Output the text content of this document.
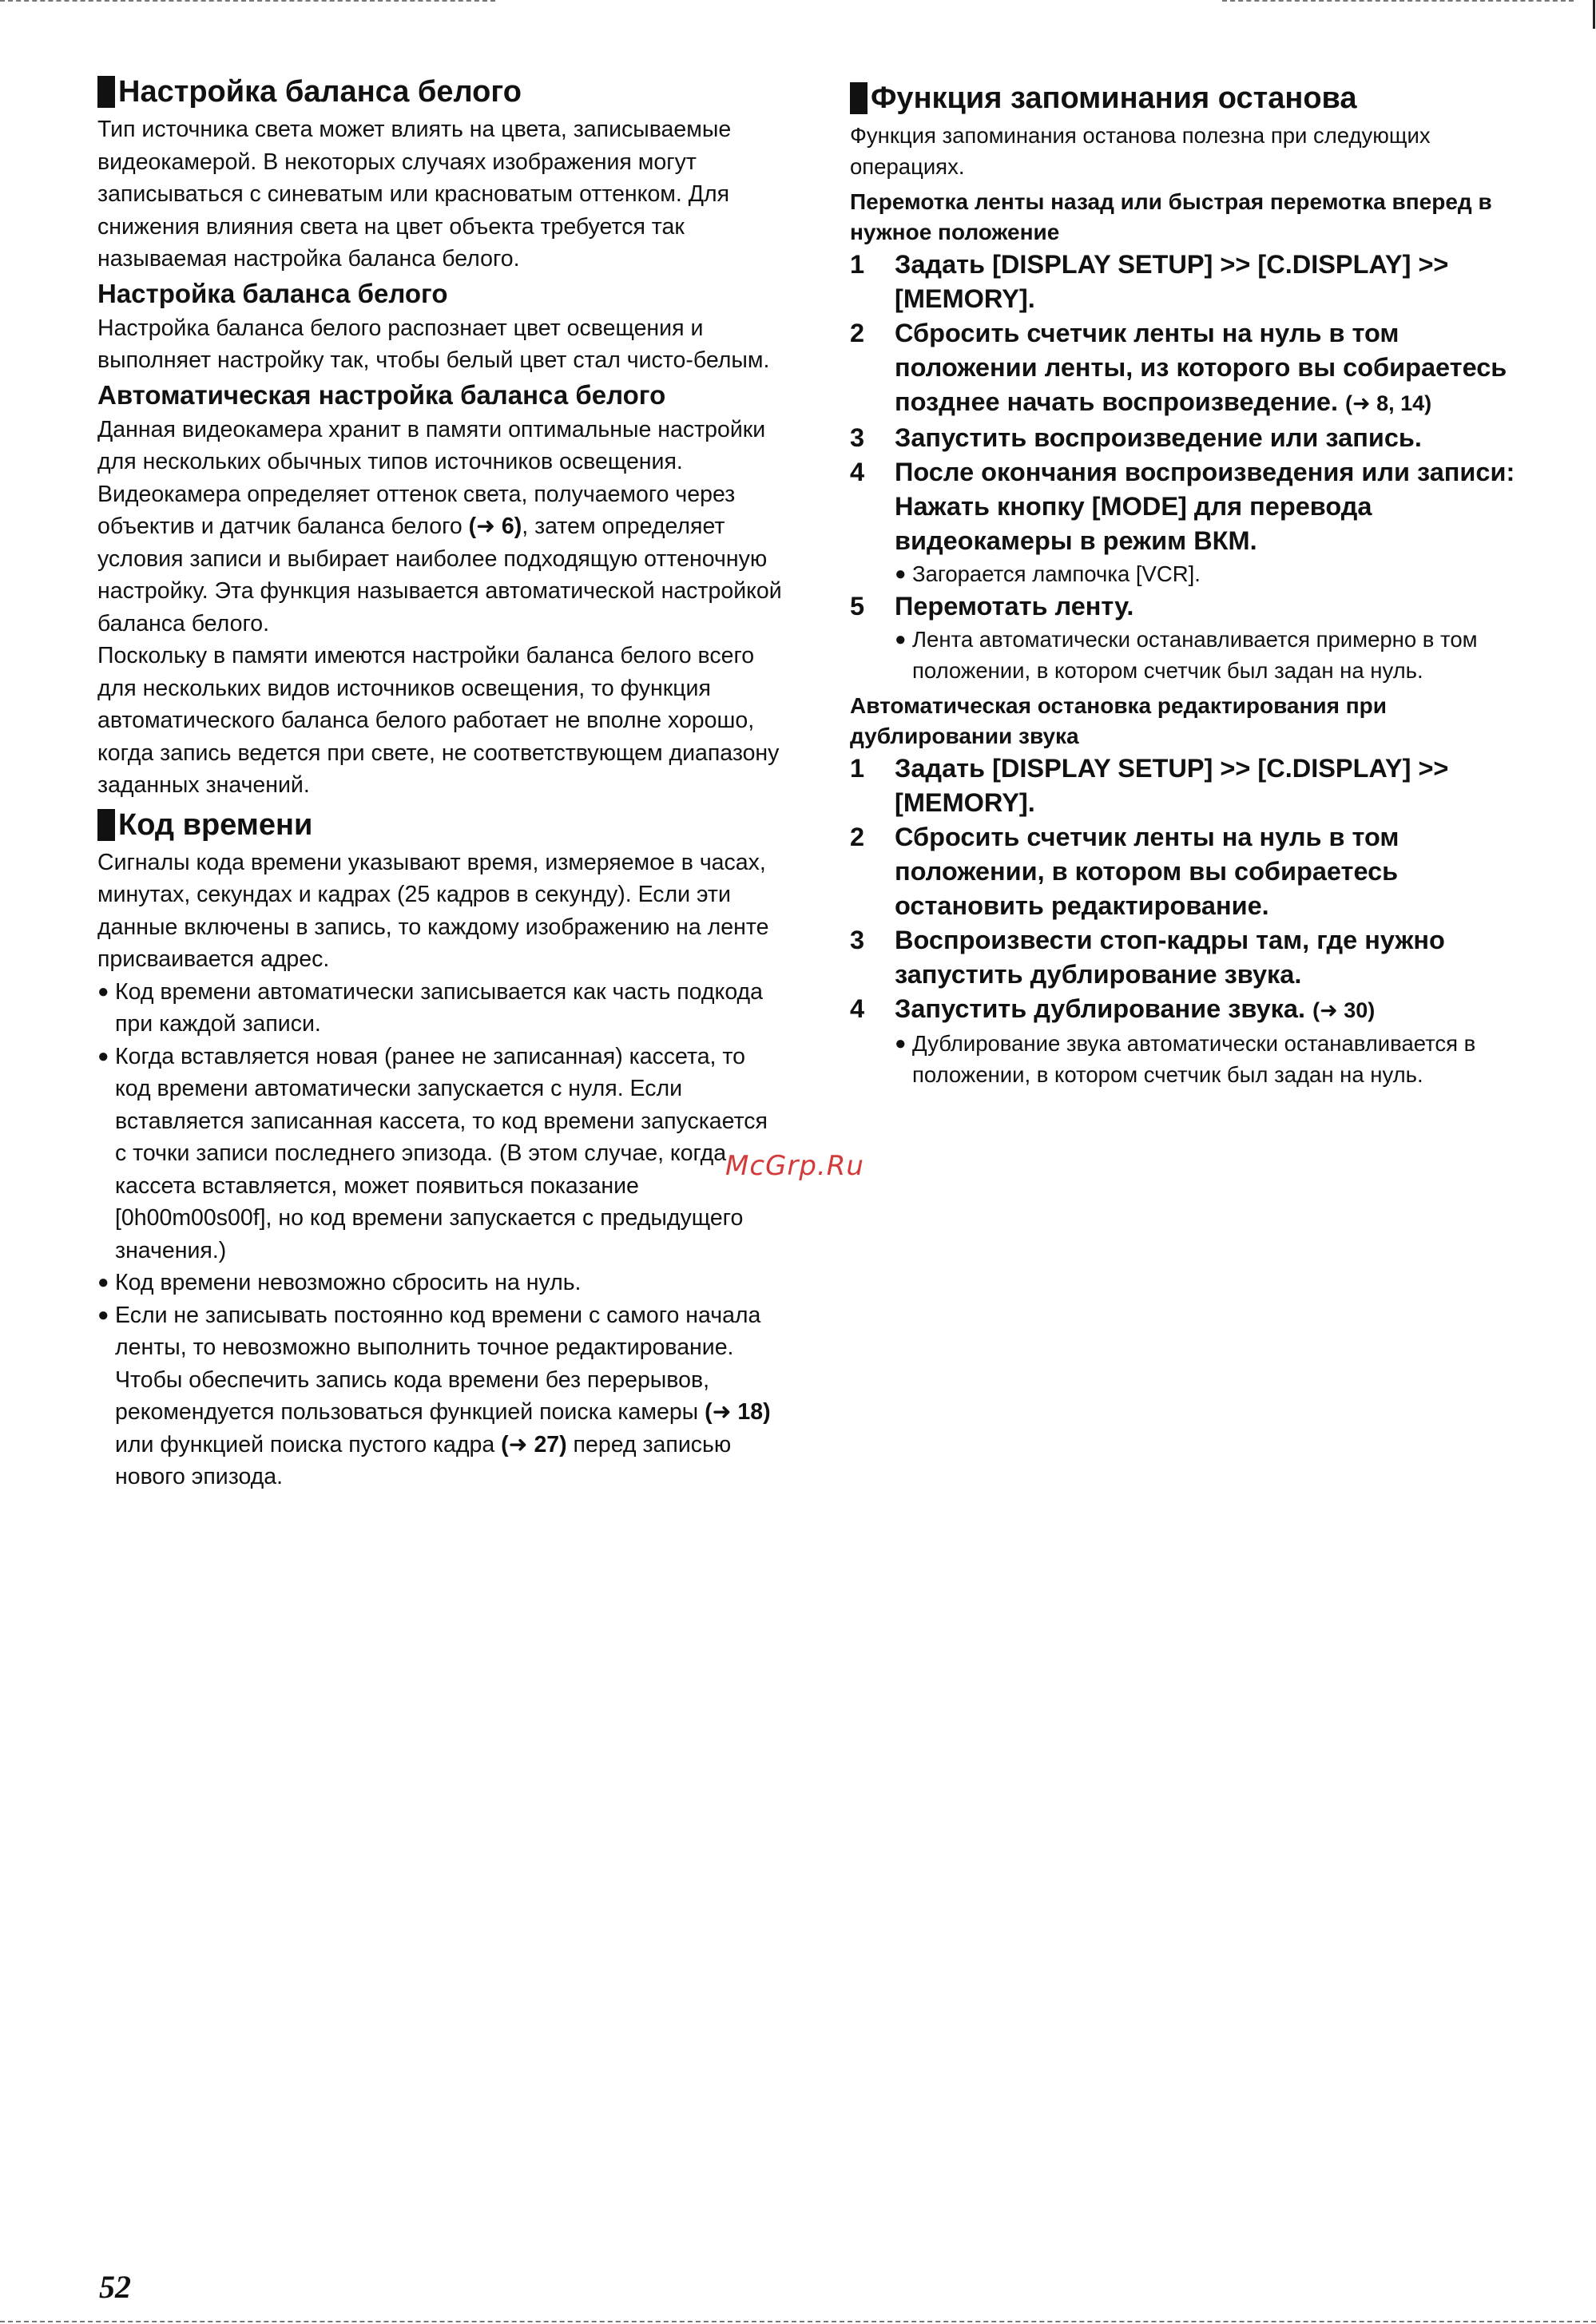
Настройка баланса белого

Тип источника света может влиять на цвета, записываемые видеокамерой. В некоторых случаях изображения могут записываться с синеватым или красноватым оттенком. Для снижения влияния света на цвет объекта требуется так называемая настройка баланса белого.

Настройка баланса белого

Настройка баланса белого распознает цвет освещения и выполняет настройку так, чтобы белый цвет стал чисто-белым.

Автоматическая настройка баланса белого

Данная видеокамера хранит в памяти оптимальные настройки для нескольких обычных типов источников освещения. Видеокамера определяет оттенок света, получаемого через объектив и датчик баланса белого (➜ 6), затем определяет условия записи и выбирает наиболее подходящую оттеночную настройку. Эта функция называется автоматической настройкой баланса белого.

Поскольку в памяти имеются настройки баланса белого всего для нескольких видов источников освещения, то функция автоматического баланса белого работает не вполне хорошо, когда запись ведется при свете, не соответствующем диапазону заданных значений.

Код времени

Сигналы кода времени указывают время, измеряемое в часах, минутах, секундах и кадрах (25 кадров в секунду). Если эти данные включены в запись, то каждому изображению на ленте присваивается адрес.

● Код времени автоматически записывается как часть подкода при каждой записи.
● Когда вставляется новая (ранее не записанная) кассета, то код времени автоматически запускается с нуля. Если вставляется записанная кассета, то код времени запускается с точки записи последнего эпизода. (В этом случае, когда кассета вставляется, может появиться показание [0h00m00s00f], но код времени запускается с предыдущего значения.)
● Код времени невозможно сбросить на нуль.
● Если не записывать постоянно код времени с самого начала ленты, то невозможно выполнить точное редактирование. Чтобы обеспечить запись кода времени без перерывов, рекомендуется пользоваться функцией поиска камеры (➜ 18) или функцией поиска пустого кадра (➜ 27) перед записью нового эпизода.
Функция запоминания останова

Функция запоминания останова полезна при следующих операциях.

Перемотка ленты назад или быстрая перемотка вперед в нужное положение

1	Задать [DISPLAY SETUP] >> [C.DISPLAY] >> [MEMORY].
2	Сбросить счетчик ленты на нуль в том положении ленты, из которого вы собираетесь позднее начать воспроизведение. (➜ 8, 14)
3	Запустить воспроизведение или запись.
4	После окончания воспроизведения или записи:
Нажать кнопку [MODE] для перевода видеокамеры в режим ВКМ.
● Загорается лампочка [VCR].
5	Перемотать ленту.
● Лента автоматически останавливается примерно в том положении, в котором счетчик был задан на нуль.

Автоматическая остановка редактирования при дублировании звука

1	Задать [DISPLAY SETUP] >> [C.DISPLAY] >> [MEMORY].
2	Сбросить счетчик ленты на нуль в том положении, в котором вы собираетесь остановить редактирование.
3	Воспроизвести стоп-кадры там, где нужно запустить дублирование звука.
4	Запустить дублирование звука. (➜ 30)
● Дублирование звука автоматически останавливается в положении, в котором счетчик был задан на нуль.
McGrp.Ru
52
